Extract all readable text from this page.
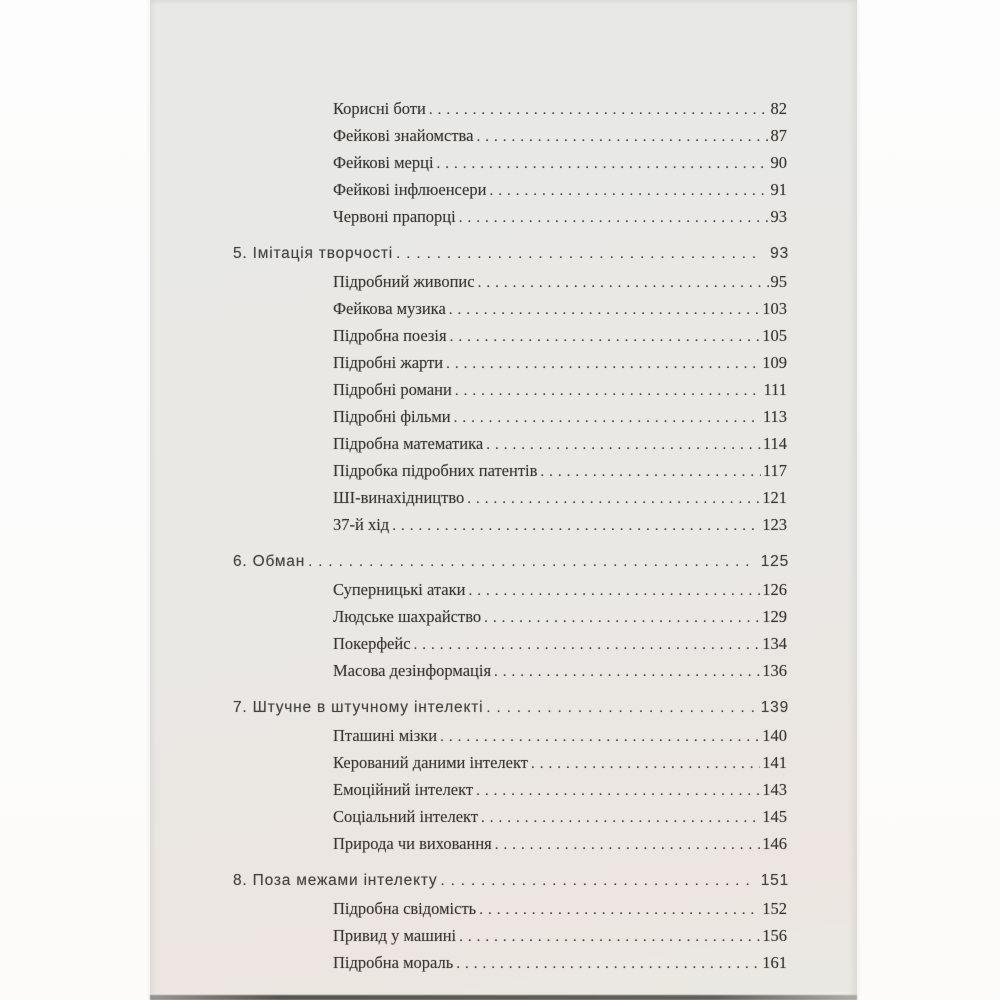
Корисні боти .....	82
Фейкові знайомства .....	87
Фейкові мерці .....	90
Фейкові інфлюенсери .....	91
Червоні прапорці .....	93
5. Імітація творчості .....	93
Підробний живопис .....	95
Фейкова музика .....	103
Підробна поезія .....	105
Підробні жарти .....	109
Підробні романи .....	111
Підробні фільми .....	113
Підробна математика .....	114
Підробка підробних патентів .....	117
ШІ-винахідництво .....	121
37-й хід .....	123
6. Обман .....	125
Суперницькі атаки .....	126
Людське шахрайство .....	129
Покерфейс .....	134
Масова дезінформація .....	136
7. Штучне в штучному інтелекті .....	139
Пташині мізки .....	140
Керований даними інтелект .....	141
Емоційний інтелект .....	143
Соціальний інтелект .....	145
Природа чи виховання .....	146
8. Поза межами інтелекту .....	151
Підробна свідомість .....	152
Привид у машині .....	156
Підробна мораль .....	161
